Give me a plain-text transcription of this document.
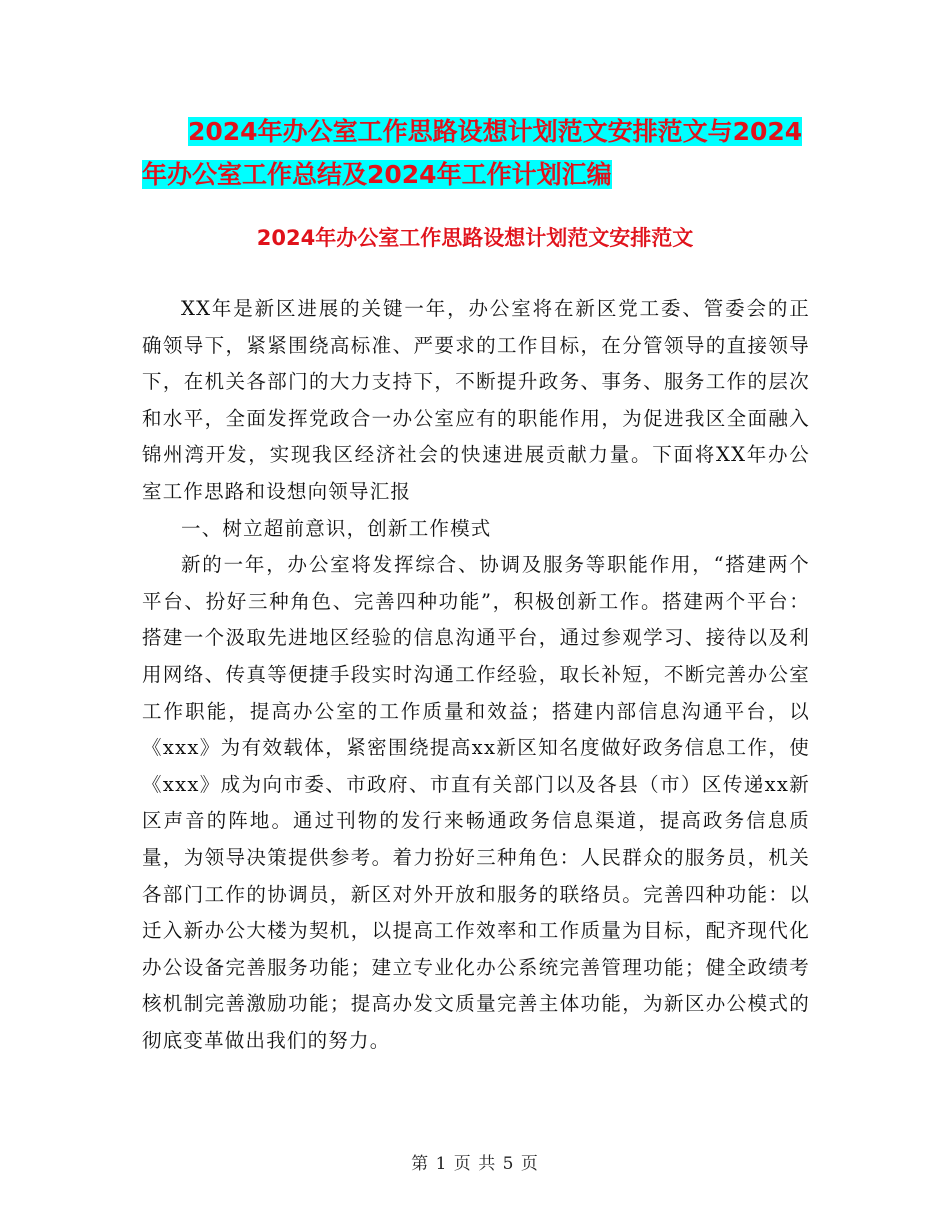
2024年办公室工作思路设想计划范文安排范文与2024
年办公室工作总结及2024年工作计划汇编
2024年办公室工作思路设想计划范文安排范文

XX年是新区进展的关键一年，办公室将在新区党工委、管委会的正确领导下，紧紧围绕高标准、严要求的工作目标，在分管领导的直接领导下，在机关各部门的大力支持下，不断提升政务、事务、服务工作的层次和水平，全面发挥党政合一办公室应有的职能作用，为促进我区全面融入锦州湾开发，实现我区经济社会的快速进展贡献力量。下面将XX年办公室工作思路和设想向领导汇报

一、树立超前意识，创新工作模式

新的一年，办公室将发挥综合、协调及服务等职能作用，“搭建两个平台、扮好三种角色、完善四种功能”，积极创新工作。搭建两个平台：搭建一个汲取先进地区经验的信息沟通平台，通过参观学习、接待以及利用网络、传真等便捷手段实时沟通工作经验，取长补短，不断完善办公室工作职能，提高办公室的工作质量和效益；搭建内部信息沟通平台，以《xxx》为有效载体，紧密围绕提高xx新区知名度做好政务信息工作，使《xxx》成为向市委、市政府、市直有关部门以及各县（市）区传递xx新区声音的阵地。通过刊物的发行来畅通政务信息渠道，提高政务信息质量，为领导决策提供参考。着力扮好三种角色：人民群众的服务员，机关各部门工作的协调员，新区对外开放和服务的联络员。完善四种功能：以迁入新办公大楼为契机，以提高工作效率和工作质量为目标，配齐现代化办公设备完善服务功能；建立专业化办公系统完善管理功能；健全政绩考核机制完善激励功能；提高办发文质量完善主体功能，为新区办公模式的彻底变革做出我们的努力。

第 1 页 共 5 页
